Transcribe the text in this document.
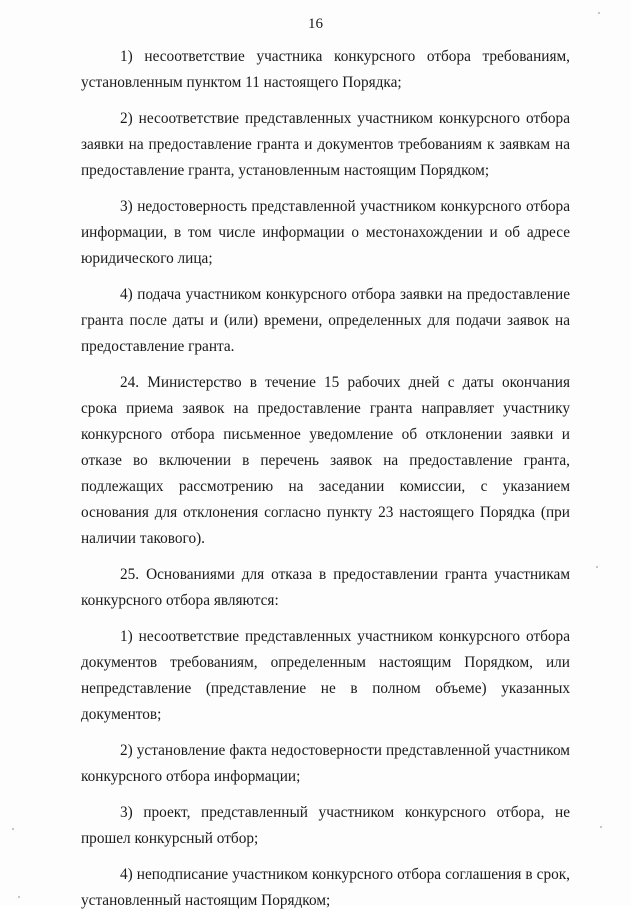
16

1) несоответствие участника конкурсного отбора требованиям, установленным пунктом 11 настоящего Порядка;

2) несоответствие представленных участником конкурсного отбора заявки на предоставление гранта и документов требованиям к заявкам на предоставление гранта, установленным настоящим Порядком;

3) недостоверность представленной участником конкурсного отбора информации, в том числе информации о местонахождении и об адресе юридического лица;

4) подача участником конкурсного отбора заявки на предоставление гранта после даты и (или) времени, определенных для подачи заявок на предоставление гранта.

24. Министерство в течение 15 рабочих дней с даты окончания срока приема заявок на предоставление гранта направляет участнику конкурсного отбора письменное уведомление об отклонении заявки и отказе во включении в перечень заявок на предоставление гранта, подлежащих рассмотрению на заседании комиссии, с указанием основания для отклонения согласно пункту 23 настоящего Порядка (при наличии такового).

25. Основаниями для отказа в предоставлении гранта участникам конкурсного отбора являются:

1) несоответствие представленных участником конкурсного отбора документов требованиям, определенным настоящим Порядком, или непредставление (представление не в полном объеме) указанных документов;

2) установление факта недостоверности представленной участником конкурсного отбора информации;

3) проект, представленный участником конкурсного отбора, не прошел конкурсный отбор;

4) неподписание участником конкурсного отбора соглашения в срок, установленный настоящим Порядком;
